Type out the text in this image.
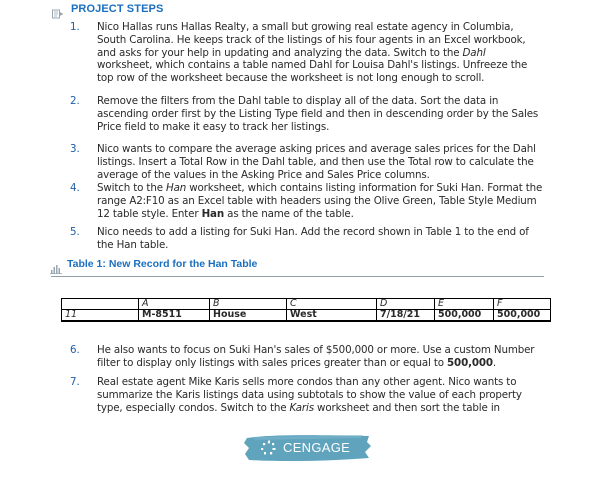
PROJECT STEPS
1.	Nico Hallas runs Hallas Realty, a small but growing real estate agency in Columbia,
South Carolina. He keeps track of the listings of his four agents in an Excel workbook,
and asks for your help in updating and analyzing the data. Switch to the Dahl
worksheet, which contains a table named Dahl for Louisa Dahl's listings. Unfreeze the
top row of the worksheet because the worksheet is not long enough to scroll.
2.	Remove the filters from the Dahl table to display all of the data. Sort the data in
ascending order first by the Listing Type field and then in descending order by the Sales
Price field to make it easy to track her listings.
3.	Nico wants to compare the average asking prices and average sales prices for the Dahl
listings. Insert a Total Row in the Dahl table, and then use the Total row to calculate the
average of the values in the Asking Price and Sales Price columns.
4.	Switch to the Han worksheet, which contains listing information for Suki Han. Format the
range A2:F10 as an Excel table with headers using the Olive Green, Table Style Medium
12 table style. Enter Han as the name of the table.
5.	Nico needs to add a listing for Suki Han. Add the record shown in Table 1 to the end of
the Han table.
6.	He also wants to focus on Suki Han's sales of $500,000 or more. Use a custom Number
filter to display only listings with sales prices greater than or equal to 500,000.
7.	Real estate agent Mike Karis sells more condos than any other agent. Nico wants to
summarize the Karis listings data using subtotals to show the value of each property
type, especially condos. Switch to the Karis worksheet and then sort the table in
Table 1: New Record for the Han Table
	A	B	C	D	E	F
11	M-8511	House	West	7/18/21	500,000	500,000
CENGAGE
